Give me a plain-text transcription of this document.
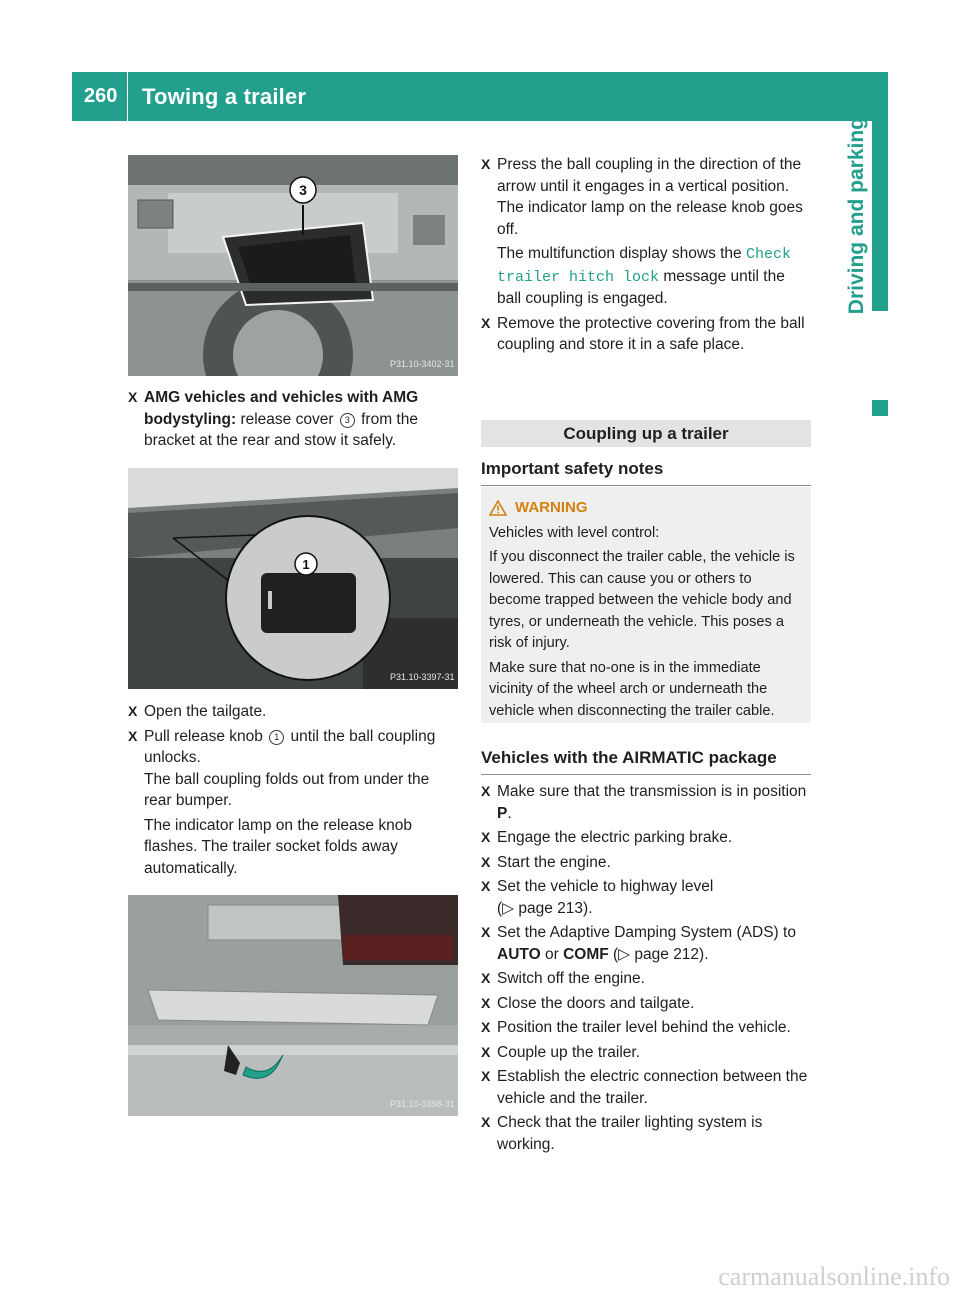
260	Towing a trailer
Driving and parking
3
P31.10-3402-31
X AMG vehicles and vehicles with AMG bodystyling: release cover 3 from the bracket at the rear and stow it safely.

1
P31.10-3397-31
X Open the tailgate.

X Pull release knob 1 until the ball coupling unlocks.

The ball coupling folds out from under the rear bumper.

The indicator lamp on the release knob flashes. The trailer socket folds away automatically.

P31.10-3398-31
X Press the ball coupling in the direction of the arrow until it engages in a vertical position.

The indicator lamp on the release knob goes off.

The multifunction display shows the Check trailer hitch lock message until the ball coupling is engaged.

X Remove the protective covering from the ball coupling and store it in a safe place.

Coupling up a trailer
Important safety notes
WARNING

Vehicles with level control:

If you disconnect the trailer cable, the vehicle is lowered. This can cause you or others to become trapped between the vehicle body and tyres, or underneath the vehicle. This poses a risk of injury.

Make sure that no-one is in the immediate vicinity of the wheel arch or underneath the vehicle when disconnecting the trailer cable.

Vehicles with the AIRMATIC package
X Make sure that the transmission is in position P.

X Engage the electric parking brake.

X Start the engine.

X Set the vehicle to highway level

(▷ page 213).

X Set the Adaptive Damping System (ADS) to AUTO or COMF (▷ page 212).

X Switch off the engine.

X Close the doors and tailgate.

X Position the trailer level behind the vehicle.

X Couple up the trailer.

X Establish the electric connection between the vehicle and the trailer.

X Check that the trailer lighting system is working.

carmanualsonline.info
